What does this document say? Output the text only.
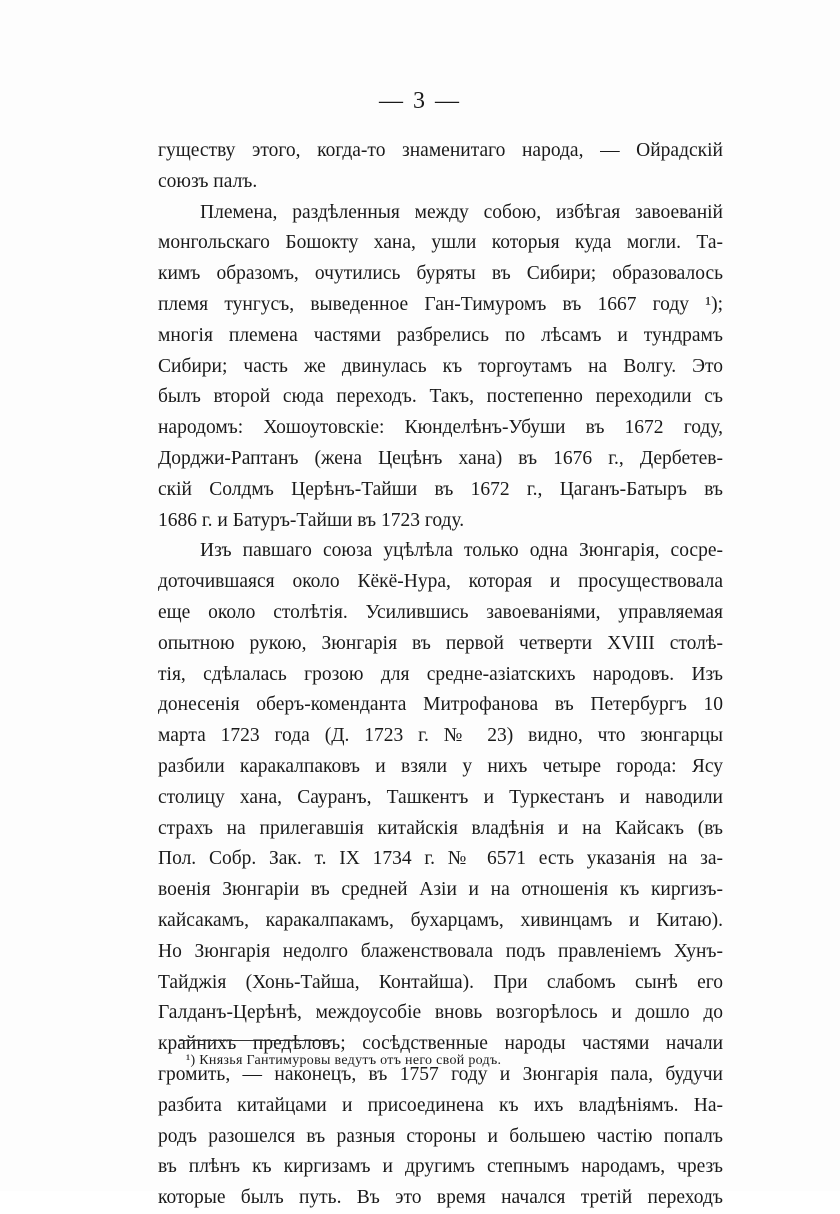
— 3 —
гуществу этого, когда-то знаменитаго народа, — Ойрадскій
союзъ палъ.
Племена, раздѣленныя между собою, избѣгая завоеваній
монгольскаго Бошокту хана, ушли которыя куда могли. Та-
кимъ образомъ, очутились буряты въ Сибири; образовалось
племя тунгусъ, выведенное Ган-Тимуромъ въ 1667 году ¹);
многія племена частями разбрелись по лѣсамъ и тундрамъ
Сибири; часть же двинулась къ торгоутамъ на Волгу. Это
былъ второй сюда переходъ. Такъ, постепенно переходили съ
народомъ: Хошоутовскіе: Кюнделѣнъ-Убуши въ 1672 году,
Дорджи-Раптанъ (жена Цецѣнъ хана) въ 1676 г., Дербетев-
скій Солдмъ Церѣнъ-Тайши въ 1672 г., Цаганъ-Батыръ въ
1686 г. и Батуръ-Тайши въ 1723 году.
Изъ павшаго союза уцѣлѣла только одна Зюнгарія, сосре-
доточившаяся около Кёкё-Нура, которая и просуществовала
еще около столѣтія. Усилившись завоеваніями, управляемая
опытною рукою, Зюнгарія въ первой четверти XVIII столѣ-
тія, сдѣлалась грозою для средне-азіатскихъ народовъ. Изъ
донесенія оберъ-коменданта Митрофанова въ Петербургъ 10
марта 1723 года (Д. 1723 г. № 23) видно, что зюнгарцы
разбили каракалпаковъ и взяли у нихъ четыре города: Ясу
столицу хана, Сауранъ, Ташкентъ и Туркестанъ и наводили
страхъ на прилегавшія китайскія владѣнія и на Кайсакъ (въ
Пол. Собр. Зак. т. IX 1734 г. № 6571 есть указанія на за-
военія Зюнгаріи въ средней Азіи и на отношенія къ киргизъ-
кайсакамъ, каракалпакамъ, бухарцамъ, хивинцамъ и Китаю).
Но Зюнгарія недолго блаженствовала подъ правленіемъ Хунъ-
Тайджія (Хонь-Тайша, Контайша). При слабомъ сынѣ его
Галданъ-Церѣнѣ, междоусобіе вновь возгорѣлось и дошло до
крайнихъ предѣловъ; сосѣдственные народы частями начали
громить, — наконецъ, въ 1757 году и Зюнгарія пала, будучи
разбита китайцами и присоединена къ ихъ владѣніямъ. На-
родъ разошелся въ разныя стороны и большею частію попалъ
въ плѣнъ къ киргизамъ и другимъ степнымъ народамъ, чрезъ
которые былъ путь. Въ это время начался третій переходъ
¹) Князья Гантимуровы ведутъ отъ него свой родъ.
